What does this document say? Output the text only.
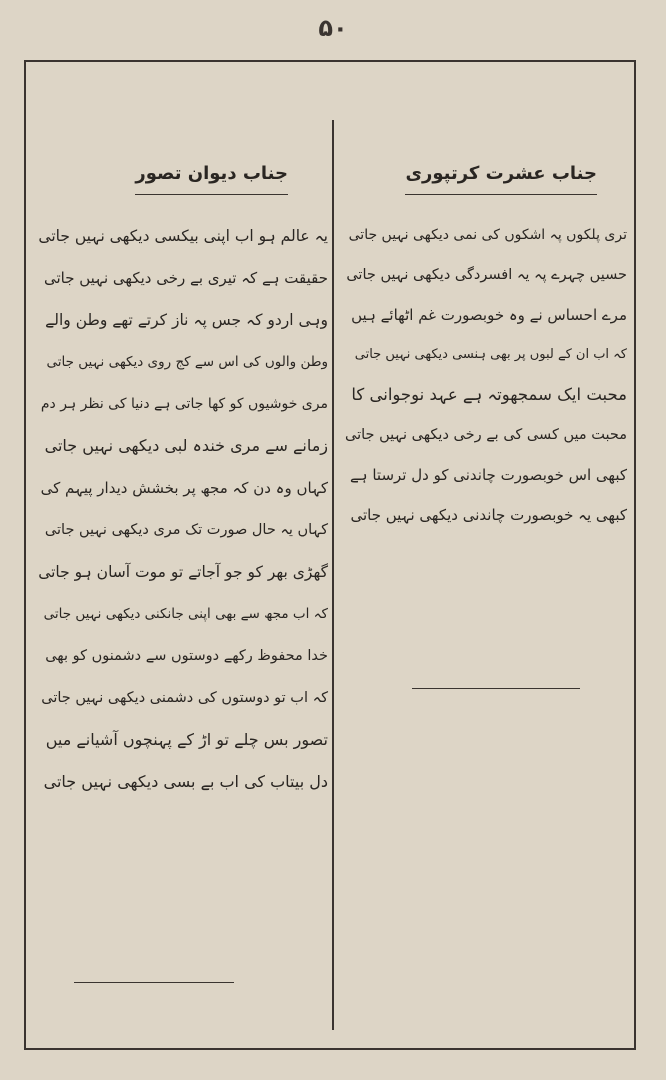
۵۰
جناب عشرت کرتپوری
تری پلکوں پہ اشکوں کی نمی دیکھی نہیں جاتی
حسیں چہرے پہ یہ افسردگی دیکھی نہیں جاتی
مرے احساس نے وہ خوبصورت غم اٹھائے ہیں
کہ اب ان کے لبوں پر بھی ہنسی دیکھی نہیں جاتی
محبت ایک سمجھوتہ ہے عہد نوجوانی کا
محبت میں کسی کی بے رخی دیکھی نہیں جاتی
کبھی اس خوبصورت چاندنی کو دل ترستا ہے
کبھی یہ خوبصورت چاندنی دیکھی نہیں جاتی
جناب دیوان تصور
یہ عالم ہو اب اپنی بیکسی دیکھی نہیں جاتی
حقیقت ہے کہ تیری بے رخی دیکھی نہیں جاتی
وہی اردو کہ جس پہ ناز کرتے تھے وطن والے
وطن والوں کی اس سے کج روی دیکھی نہیں جاتی
مری خوشیوں کو کھا جاتی ہے دنیا کی نظر ہر دم
زمانے سے مری خندہ لبی دیکھی نہیں جاتی
کہاں وہ دن کہ مجھ پر بخشش دیدار پیہم کی
کہاں یہ حال صورت تک مری دیکھی نہیں جاتی
گھڑی بھر کو جو آجاتے تو موت آسان ہو جاتی
کہ اب مجھ سے بھی اپنی جانکنی دیکھی نہیں جاتی
خدا محفوظ رکھے دوستوں سے دشمنوں کو بھی
کہ اب تو دوستوں کی دشمنی دیکھی نہیں جاتی
تصور بس چلے تو اڑ کے پہنچوں آشیانے میں
دل بیتاب کی اب بے بسی دیکھی نہیں جاتی
